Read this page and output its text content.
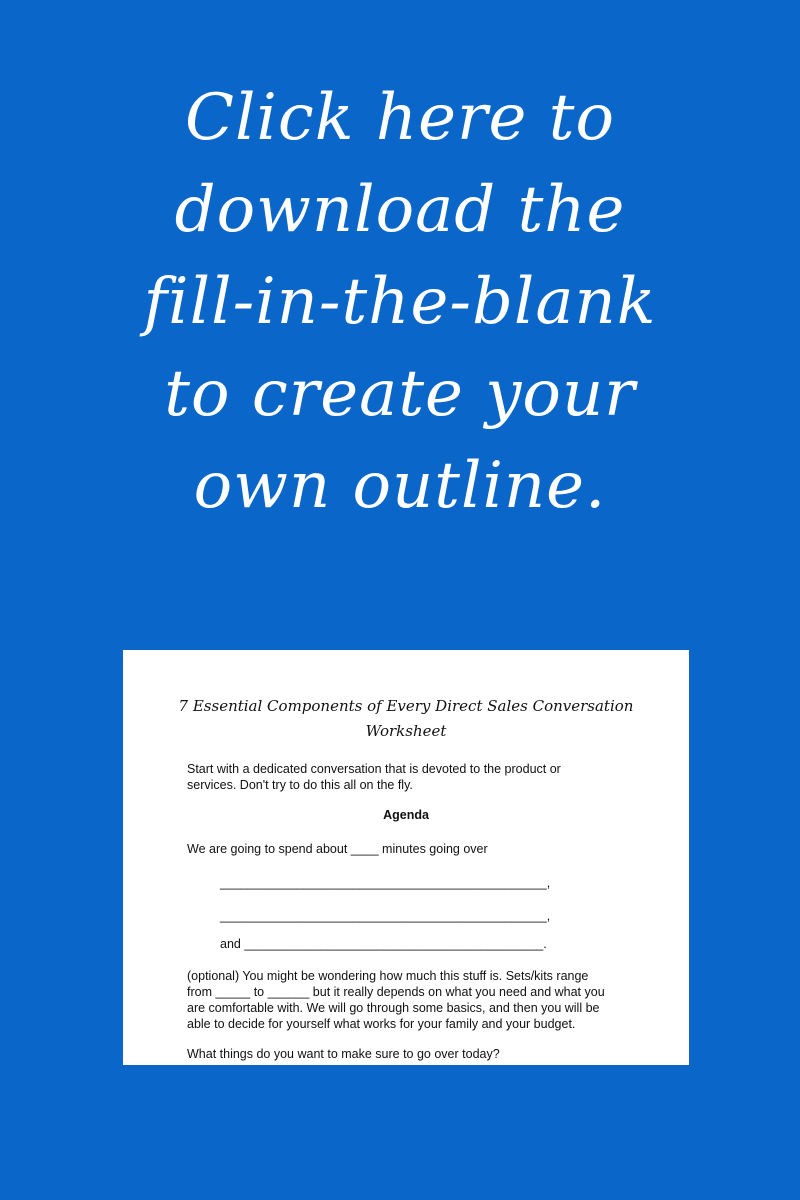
Click here to
download the
fill-in-the-blank
to create your
own outline.
7 Essential Components of Every Direct Sales Conversation
Worksheet
Start with a dedicated conversation that is devoted to the product or
services. Don't try to do this all on the fly.
Agenda
We are going to spend about ____ minutes going over
_______________________________________________,
_______________________________________________,
and ___________________________________________.
(optional) You might be wondering how much this stuff is. Sets/kits range
from _____ to ______ but it really depends on what you need and what you
are comfortable with. We will go through some basics, and then you will be
able to decide for yourself what works for your family and your budget.
What things do you want to make sure to go over today?
